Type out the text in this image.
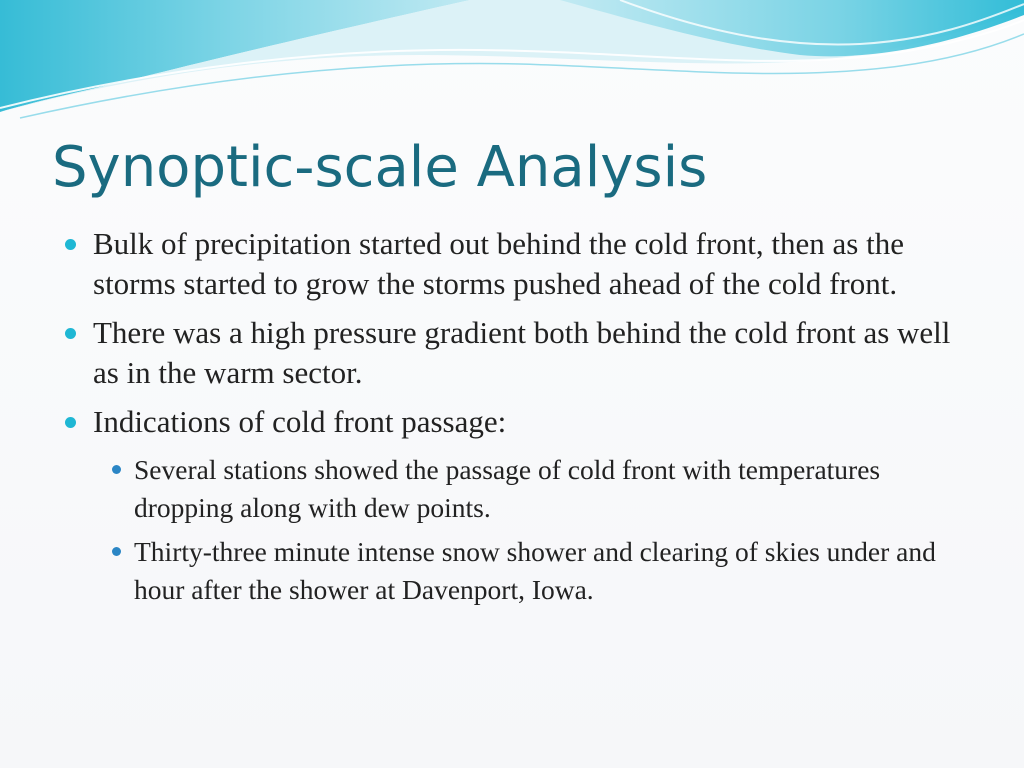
Synoptic-scale Analysis
Bulk of precipitation started out behind the cold front, then as the storms started to grow the storms pushed ahead of the cold front.
There was a high pressure gradient both behind the cold front as well as in the warm sector.
Indications of cold front passage:
Several stations showed the passage of cold front with temperatures dropping along with dew points.
Thirty-three minute intense snow shower and clearing of skies under and hour after the shower at Davenport, Iowa.
